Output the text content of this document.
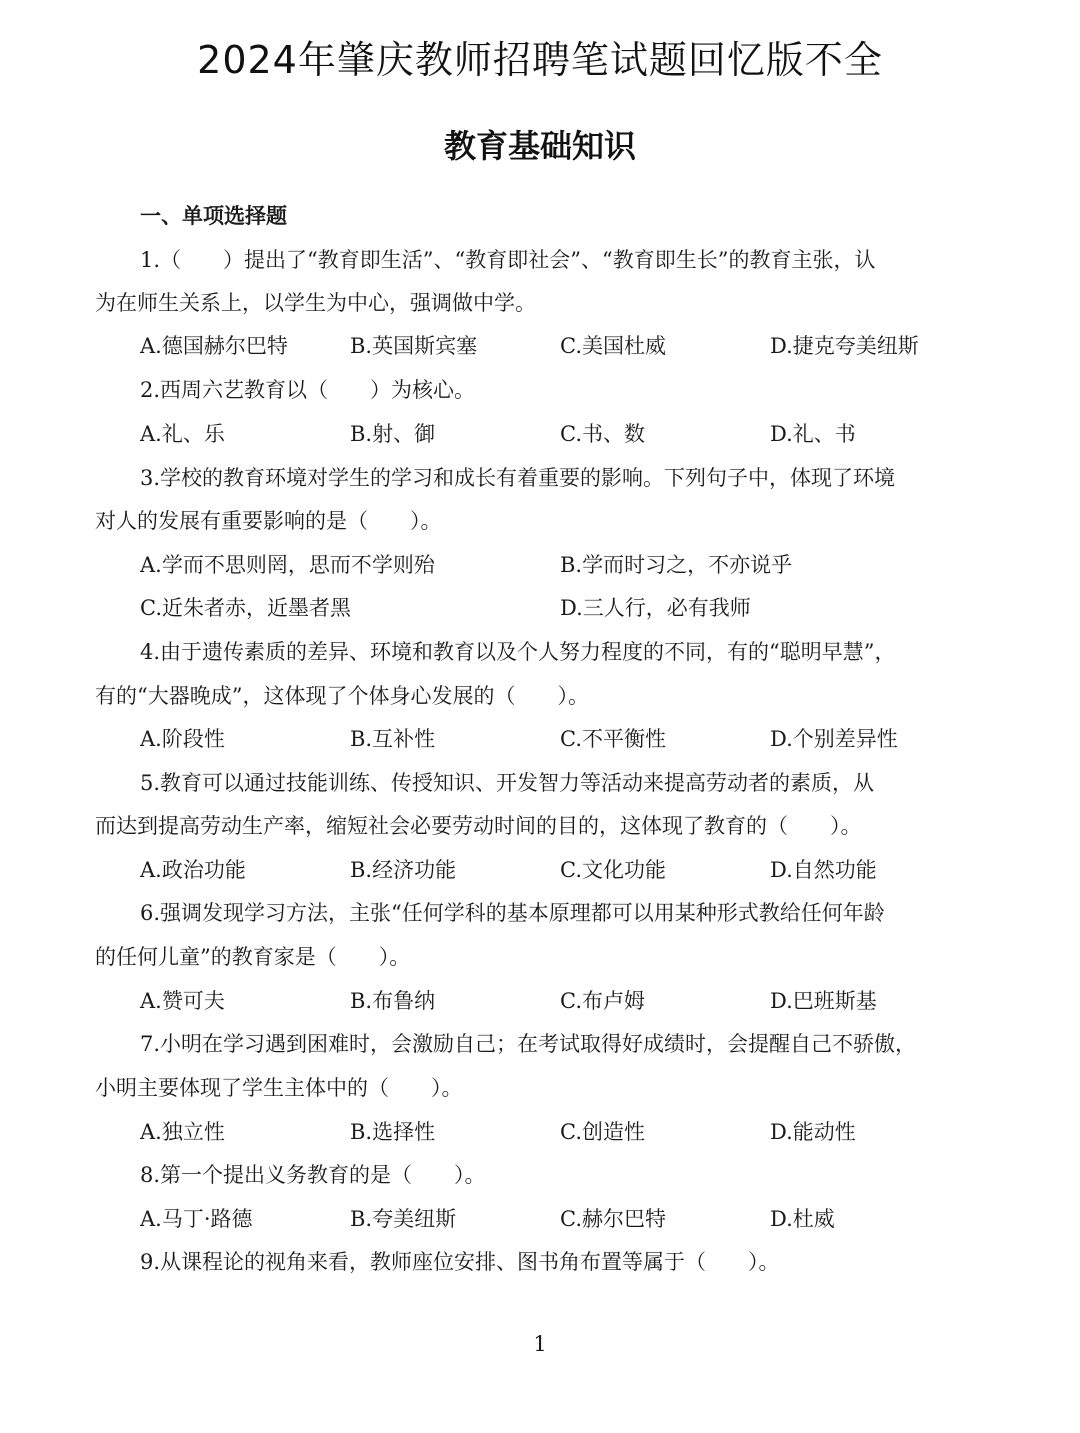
2024年肇庆教师招聘笔试题回忆版不全
教育基础知识
一、单项选择题
1.（　　）提出了“教育即生活”、“教育即社会”、“教育即生长”的教育主张，认
为在师生关系上，以学生为中心，强调做中学。
A.德国赫尔巴特	B.英国斯宾塞	C.美国杜威	D.捷克夸美纽斯
2.西周六艺教育以（　　）为核心。
A.礼、乐	B.射、御	C.书、数	D.礼、书
3.学校的教育环境对学生的学习和成长有着重要的影响。下列句子中，体现了环境
对人的发展有重要影响的是（　　）。
A.学而不思则罔，思而不学则殆	B.学而时习之，不亦说乎
C.近朱者赤，近墨者黑	D.三人行，必有我师
4.由于遗传素质的差异、环境和教育以及个人努力程度的不同，有的“聪明早慧”，
有的“大器晚成”，这体现了个体身心发展的（　　）。
A.阶段性	B.互补性	C.不平衡性	D.个别差异性
5.教育可以通过技能训练、传授知识、开发智力等活动来提高劳动者的素质，从
而达到提高劳动生产率，缩短社会必要劳动时间的目的，这体现了教育的（　　）。
A.政治功能	B.经济功能	C.文化功能	D.自然功能
6.强调发现学习方法，主张“任何学科的基本原理都可以用某种形式教给任何年龄
的任何儿童”的教育家是（　　）。
A.赞可夫	B.布鲁纳	C.布卢姆	D.巴班斯基
7.小明在学习遇到困难时，会激励自己；在考试取得好成绩时，会提醒自己不骄傲，
小明主要体现了学生主体中的（　　）。
A.独立性	B.选择性	C.创造性	D.能动性
8.第一个提出义务教育的是（　　）。
A.马丁·路德	B.夸美纽斯	C.赫尔巴特	D.杜威
9.从课程论的视角来看，教师座位安排、图书角布置等属于（　　）。
1
